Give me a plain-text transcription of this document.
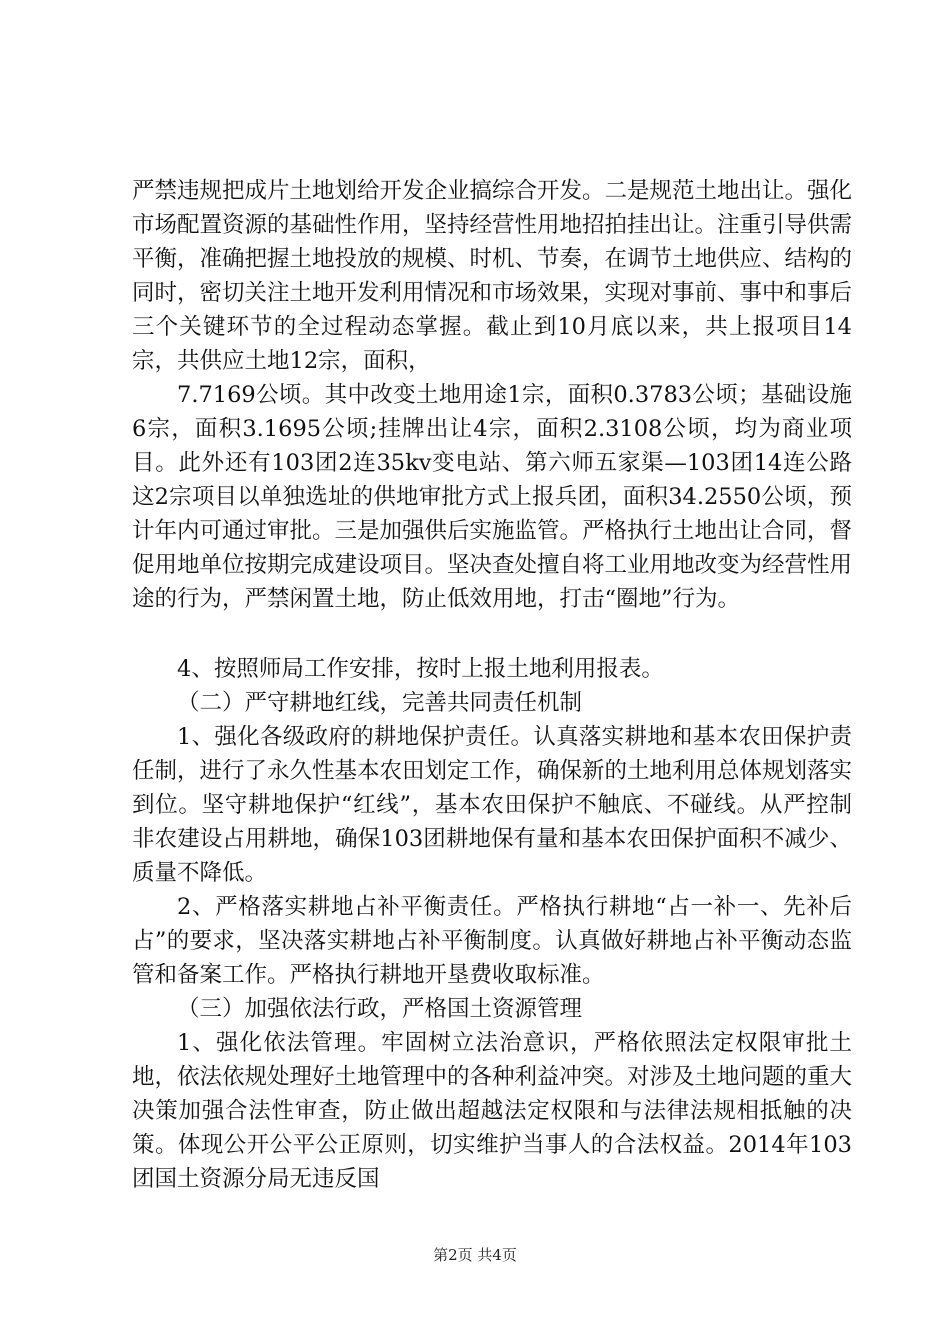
严禁违规把成片土地划给开发企业搞综合开发。二是规范土地出让。强化市场配置资源的基础性作用，坚持经营性用地招拍挂出让。注重引导供需平衡，准确把握土地投放的规模、时机、节奏，在调节土地供应、结构的同时，密切关注土地开发利用情况和市场效果，实现对事前、事中和事后三个关键环节的全过程动态掌握。截止到10月底以来，共上报项目14宗，共供应土地12宗，面积，

7.7169公顷。其中改变土地用途1宗，面积0.3783公顷；基础设施6宗，面积3.1695公顷;挂牌出让4宗，面积2.3108公顷，均为商业项目。此外还有103团2连35kv变电站、第六师五家渠—103团14连公路这2宗项目以单独选址的供地审批方式上报兵团，面积34.2550公顷，预计年内可通过审批。三是加强供后实施监管。严格执行土地出让合同，督促用地单位按期完成建设项目。坚决查处擅自将工业用地改变为经营性用途的行为，严禁闲置土地，防止低效用地，打击“圈地”行为。

4、按照师局工作安排，按时上报土地利用报表。

（二）严守耕地红线，完善共同责任机制

1、强化各级政府的耕地保护责任。认真落实耕地和基本农田保护责任制，进行了永久性基本农田划定工作，确保新的土地利用总体规划落实到位。坚守耕地保护“红线”，基本农田保护不触底、不碰线。从严控制非农建设占用耕地，确保103团耕地保有量和基本农田保护面积不减少、质量不降低。

2、严格落实耕地占补平衡责任。严格执行耕地“占一补一、先补后占”的要求，坚决落实耕地占补平衡制度。认真做好耕地占补平衡动态监管和备案工作。严格执行耕地开垦费收取标准。

（三）加强依法行政，严格国土资源管理

1、强化依法管理。牢固树立法治意识，严格依照法定权限审批土地，依法依规处理好土地管理中的各种利益冲突。对涉及土地问题的重大决策加强合法性审查，防止做出超越法定权限和与法律法规相抵触的决策。体现公开公平公正原则，切实维护当事人的合法权益。2014年103团国土资源分局无违反国

第2页 共4页
